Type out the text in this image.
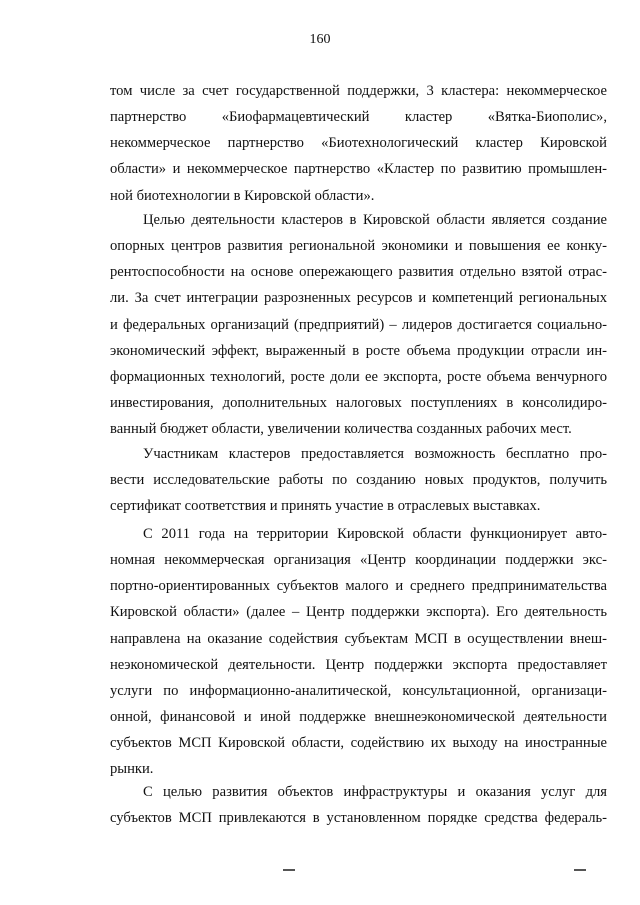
160
том числе за счет государственной поддержки, 3 кластера: некоммерческое
партнерство «Биофармацевтический кластер «Вятка-Биополис»,
некоммерческое партнерство «Биотехнологический кластер Кировской
области» и некоммерческое партнерство «Кластер по развитию промышлен-
ной биотехнологии в Кировской области».
Целью деятельности кластеров в Кировской области является создание
опорных центров развития региональной экономики и повышения ее конку-
рентоспособности на основе опережающего развития отдельно взятой отрас-
ли. За счет интеграции разрозненных ресурсов и компетенций региональных
и федеральных организаций (предприятий) – лидеров достигается социально-
экономический эффект, выраженный в росте объема продукции отрасли ин-
формационных технологий, росте доли ее экспорта, росте объема венчурного
инвестирования, дополнительных налоговых поступлениях в консолидиро-
ванный бюджет области, увеличении количества созданных рабочих мест.
Участникам кластеров предоставляется возможность бесплатно про-
вести исследовательские работы по созданию новых продуктов, получить
сертификат соответствия и принять участие в отраслевых выставках.
С 2011 года на территории Кировской области функционирует авто-
номная некоммерческая организация «Центр координации поддержки экс-
портно-ориентированных субъектов малого и среднего предпринимательства
Кировской области» (далее – Центр поддержки экспорта). Его деятельность
направлена на оказание содействия субъектам МСП в осуществлении внеш-
неэкономической деятельности. Центр поддержки экспорта предоставляет
услуги по информационно-аналитической, консультационной, организаци-
онной, финансовой и иной поддержке внешнеэкономической деятельности
субъектов МСП Кировской области, содействию их выходу на иностранные
рынки.
С целью развития объектов инфраструктуры и оказания услуг для
субъектов МСП привлекаются в установленном порядке средства федераль-
